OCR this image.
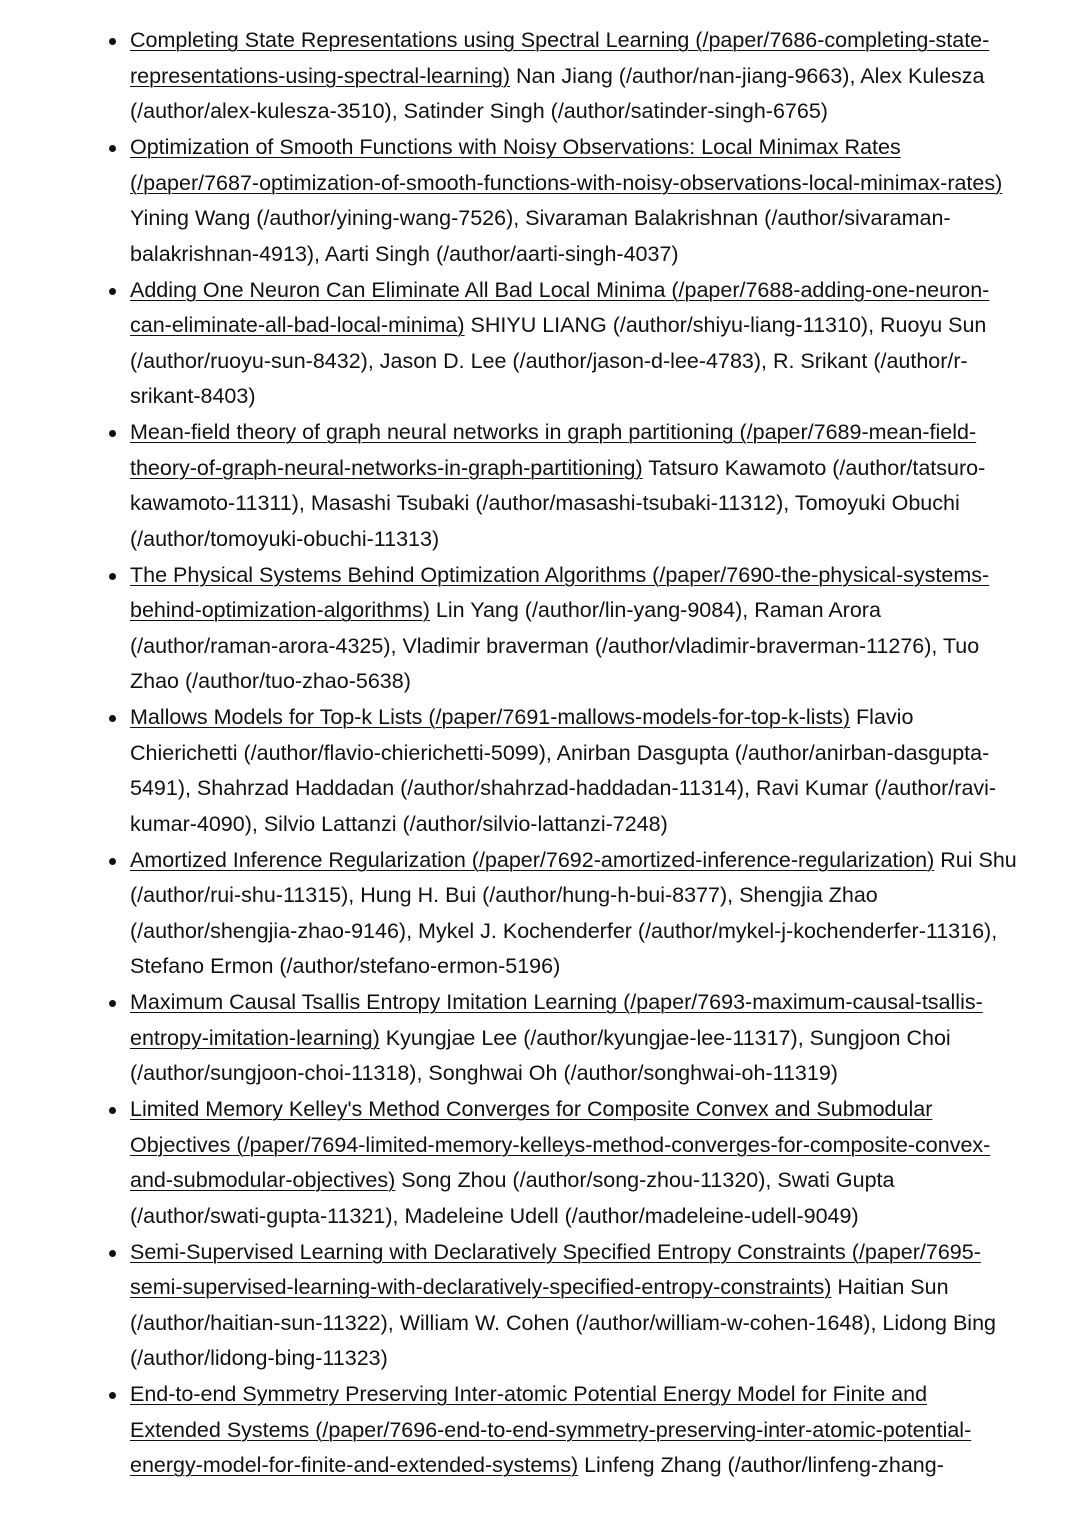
Completing State Representations using Spectral Learning (/paper/7686-completing-state-representations-using-spectral-learning) Nan Jiang (/author/nan-jiang-9663), Alex Kulesza (/author/alex-kulesza-3510), Satinder Singh (/author/satinder-singh-6765)
Optimization of Smooth Functions with Noisy Observations: Local Minimax Rates (/paper/7687-optimization-of-smooth-functions-with-noisy-observations-local-minimax-rates) Yining Wang (/author/yining-wang-7526), Sivaraman Balakrishnan (/author/sivaraman-balakrishnan-4913), Aarti Singh (/author/aarti-singh-4037)
Adding One Neuron Can Eliminate All Bad Local Minima (/paper/7688-adding-one-neuron-can-eliminate-all-bad-local-minima) SHIYU LIANG (/author/shiyu-liang-11310), Ruoyu Sun (/author/ruoyu-sun-8432), Jason D. Lee (/author/jason-d-lee-4783), R. Srikant (/author/r-srikant-8403)
Mean-field theory of graph neural networks in graph partitioning (/paper/7689-mean-field-theory-of-graph-neural-networks-in-graph-partitioning) Tatsuro Kawamoto (/author/tatsuro-kawamoto-11311), Masashi Tsubaki (/author/masashi-tsubaki-11312), Tomoyuki Obuchi (/author/tomoyuki-obuchi-11313)
The Physical Systems Behind Optimization Algorithms (/paper/7690-the-physical-systems-behind-optimization-algorithms) Lin Yang (/author/lin-yang-9084), Raman Arora (/author/raman-arora-4325), Vladimir braverman (/author/vladimir-braverman-11276), Tuo Zhao (/author/tuo-zhao-5638)
Mallows Models for Top-k Lists (/paper/7691-mallows-models-for-top-k-lists) Flavio Chierichetti (/author/flavio-chierichetti-5099), Anirban Dasgupta (/author/anirban-dasgupta-5491), Shahrzad Haddadan (/author/shahrzad-haddadan-11314), Ravi Kumar (/author/ravi-kumar-4090), Silvio Lattanzi (/author/silvio-lattanzi-7248)
Amortized Inference Regularization (/paper/7692-amortized-inference-regularization) Rui Shu (/author/rui-shu-11315), Hung H. Bui (/author/hung-h-bui-8377), Shengjia Zhao (/author/shengjia-zhao-9146), Mykel J. Kochenderfer (/author/mykel-j-kochenderfer-11316), Stefano Ermon (/author/stefano-ermon-5196)
Maximum Causal Tsallis Entropy Imitation Learning (/paper/7693-maximum-causal-tsallis-entropy-imitation-learning) Kyungjae Lee (/author/kyungjae-lee-11317), Sungjoon Choi (/author/sungjoon-choi-11318), Songhwai Oh (/author/songhwai-oh-11319)
Limited Memory Kelley's Method Converges for Composite Convex and Submodular Objectives (/paper/7694-limited-memory-kelleys-method-converges-for-composite-convex-and-submodular-objectives) Song Zhou (/author/song-zhou-11320), Swati Gupta (/author/swati-gupta-11321), Madeleine Udell (/author/madeleine-udell-9049)
Semi-Supervised Learning with Declaratively Specified Entropy Constraints (/paper/7695-semi-supervised-learning-with-declaratively-specified-entropy-constraints) Haitian Sun (/author/haitian-sun-11322), William W. Cohen (/author/william-w-cohen-1648), Lidong Bing (/author/lidong-bing-11323)
End-to-end Symmetry Preserving Inter-atomic Potential Energy Model for Finite and Extended Systems (/paper/7696-end-to-end-symmetry-preserving-inter-atomic-potential-energy-model-for-finite-and-extended-systems) Linfeng Zhang (/author/linfeng-zhang-
